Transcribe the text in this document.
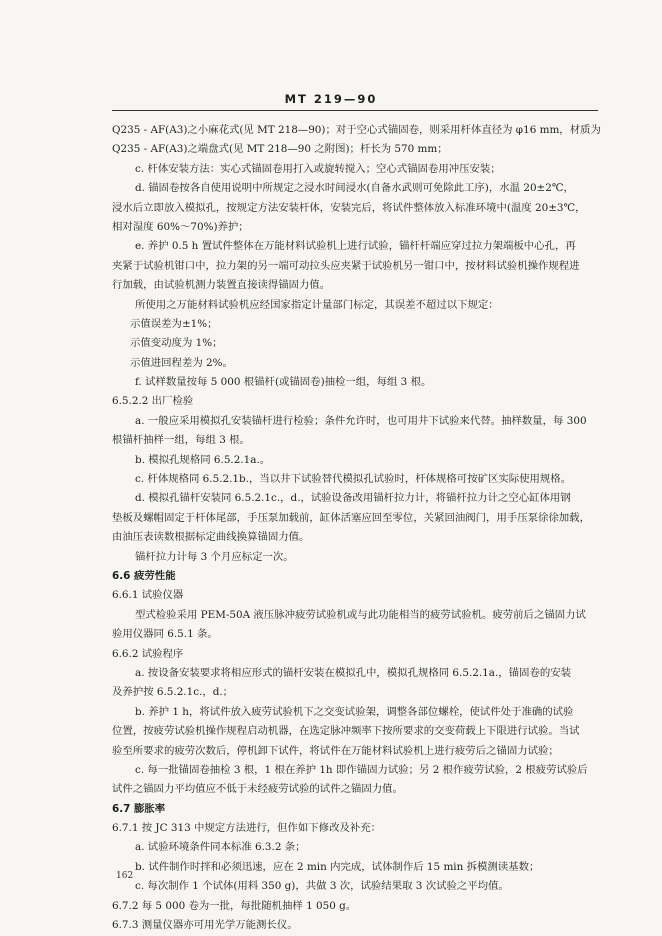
MT 219—90
Q235 - AF(A3)之小麻花式(见 MT 218—90)；对于空心式锚固卷，则采用杆体直径为 φ16 mm，材质为
Q235 - AF(A3)之端盘式(见 MT 218—90 之附图)；杆长为 570 mm；
c. 杆体安装方法：实心式锚固卷用打入或旋转搅入；空心式锚固卷用冲压安装；
d. 锚固卷按各自使用说明中所规定之浸水时间浸水(自备水武则可免除此工序)，水温 20±2℃，
浸水后立即放入模拟孔，按规定方法安装杆体，安装完后，将试件整体放入标准环境中(温度 20±3℃，
相对湿度 60%～70%)养护；
e. 养护 0.5 h 置试件整体在万能材料试验机上进行试验，锚杆杆端应穿过拉力架端板中心孔，再
夹紧于试验机钳口中，拉力架的另一端可动拉头应夹紧于试验机另一钳口中，按材料试验机操作规程进
行加载，由试验机测力装置直接读得锚固力值。
所使用之万能材料试验机应经国家指定计量部门标定，其误差不超过以下规定：
示值误差为±1%；
示值变动度为 1%；
示值进回程差为 2%。
f. 试样数量按每 5 000 根锚杆(或锚固卷)抽检一组，每组 3 根。
6.5.2.2 出厂检验
a. 一般应采用模拟孔安装锚杆进行检验；条件允许时，也可用井下试验来代替。抽样数量，每 300
根锚杆抽样一组，每组 3 根。
b. 模拟孔规格同 6.5.2.1a.。
c. 杆体规格同 6.5.2.1b.，当以井下试验替代模拟孔试验时，杆体规格可按矿区实际使用规格。
d. 模拟孔锚杆安装同 6.5.2.1c.，d.，试验设备改用锚杆拉力计，将锚杆拉力计之空心缸体用钢
垫板及螺帽固定于杆体尾部，手压泵加载前，缸体活塞应回至零位，关紧回油阀门，用手压泵徐徐加载，
由油压表读数根据标定曲线换算锚固力值。
锚杆拉力计每 3 个月应标定一次。
6.6 疲劳性能
6.6.1 试验仪器
型式检验采用 PEM-50A 液压脉冲疲劳试验机或与此功能相当的疲劳试验机。疲劳前后之锚固力试
验用仪器同 6.5.1 条。
6.6.2 试验程序
a. 按设备安装要求将相应形式的锚杆安装在模拟孔中，模拟孔规格同 6.5.2.1a.，锚固卷的安装
及养护按 6.5.2.1c.，d.；
b. 养护 1 h，将试件放入疲劳试验机下之交变试验架，调整各部位螺栓，使试件处于准确的试验
位置，按疲劳试验机操作规程启动机器，在选定脉冲频率下按所要求的交变荷载上下限进行试验。当试
验至所要求的疲劳次数后，停机卸下试件，将试件在万能材料试验机上进行疲劳后之锚固力试验；
c. 每一批锚固卷抽检 3 根，1 根在养护 1h 即作锚固力试验；另 2 根作疲劳试验，2 根疲劳试验后
试件之锚固力平均值应不低于未经疲劳试验的试件之锚固力值。
6.7 膨胀率
6.7.1 按 JC 313 中规定方法进行，但作如下修改及补充：
a. 试验环境条件同本标准 6.3.2 条；
b. 试件制作时拌和必须迅速，应在 2 min 内完成，试体制作后 15 min 拆模测读基数；
c. 每次制作 1 个试体(用料 350 g)，共做 3 次，试验结果取 3 次试验之平均值。
6.7.2 每 5 000 卷为一批，每批随机抽样 1 050 g。
6.7.3 测量仪器亦可用光学万能测长仪。
162
